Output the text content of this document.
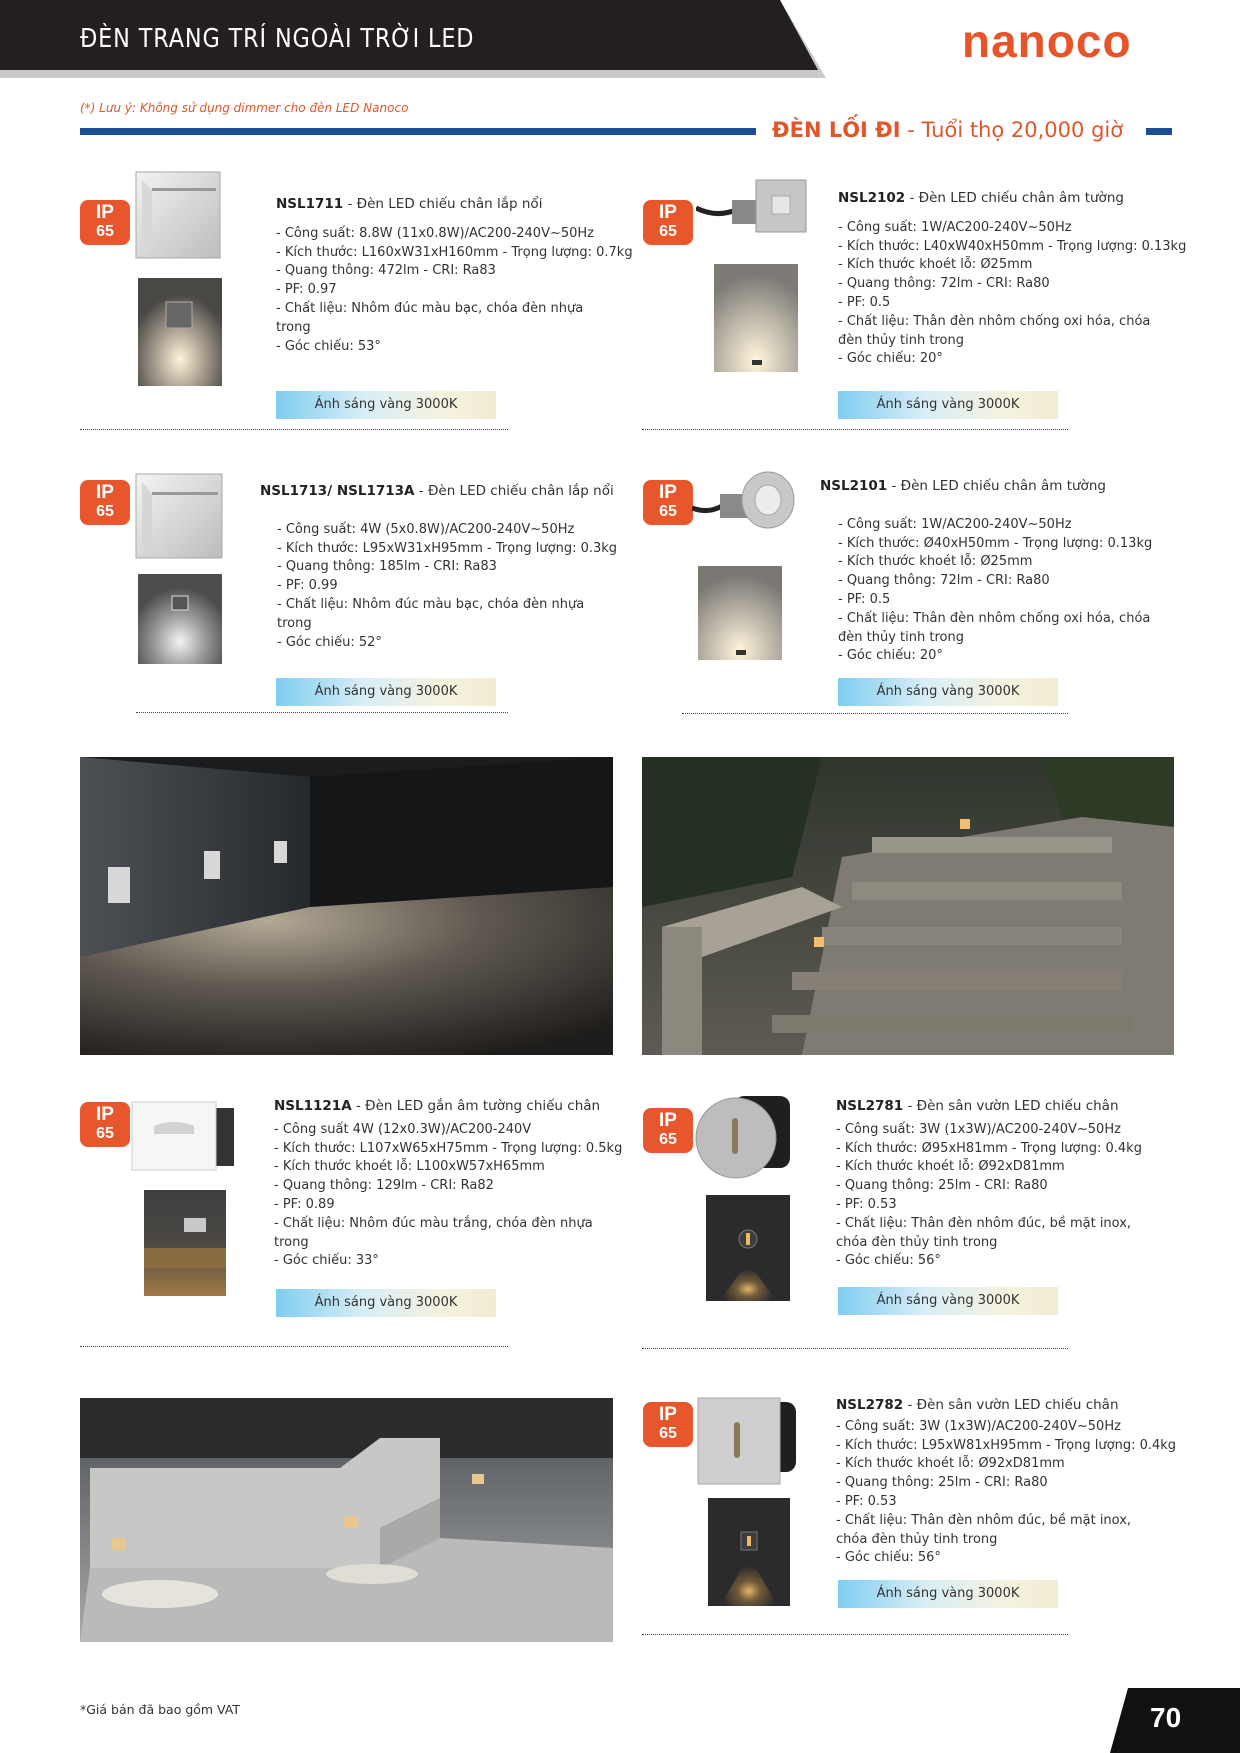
ĐÈN TRANG TRÍ NGOÀI TRỜI LED	nanoco
(*) Lưu ý: Không sử dụng dimmer cho đèn LED Nanoco
ĐÈN LỐI ĐI - Tuổi thọ 20,000 giờ
IP
65
NSL1711 - Đèn LED chiếu chân lắp nổi
- Công suất: 8.8W (11x0.8W)/AC200-240V~50Hz
- Kích thước: L160xW31xH160mm - Trọng lượng: 0.7kg
- Quang thông: 472lm - CRI: Ra83
- PF: 0.97
- Chất liệu: Nhôm đúc màu bạc, chóa đèn nhựa trong
- Góc chiếu: 53°
Ánh sáng vàng 3000K
1.512.000
IP
65
NSL2102 - Đèn LED chiếu chân âm tường
- Công suất: 1W/AC200-240V~50Hz
- Kích thước: L40xW40xH50mm - Trọng lượng: 0.13kg
- Kích thước khoét lỗ: Ø25mm
- Quang thông: 72lm - CRI: Ra80
- PF: 0.5
- Chất liệu: Thân đèn nhôm chống oxi hóa, chóa đèn thủy tinh trong
- Góc chiếu: 20°
Ánh sáng vàng 3000K
641.000
IP
65
NSL1713/ NSL1713A - Đèn LED chiếu chân lắp nổi
- Công suất: 4W (5x0.8W)/AC200-240V~50Hz
- Kích thước: L95xW31xH95mm - Trọng lượng: 0.3kg
- Quang thông: 185lm - CRI: Ra83
- PF: 0.99
- Chất liệu: Nhôm đúc màu bạc, chóa đèn nhựa trong
- Góc chiếu: 52°
Ánh sáng vàng 3000K
830.000
IP
65
NSL2101 - Đèn LED chiếu chân âm tường
- Công suất: 1W/AC200-240V~50Hz
- Kích thước: Ø40xH50mm - Trọng lượng: 0.13kg
- Kích thước khoét lỗ: Ø25mm
- Quang thông: 72lm - CRI: Ra80
- PF: 0.5
- Chất liệu: Thân đèn nhôm chống oxi hóa, chóa đèn thủy tinh trong
- Góc chiếu: 20°
Ánh sáng vàng 3000K
599.000
IP
65
NSL1121A - Đèn LED gắn âm tường chiếu chân
- Công suất 4W (12x0.3W)/AC200-240V
- Kích thước: L107xW65xH75mm - Trọng lượng: 0.5kg
- Kích thước khoét lỗ: L100xW57xH65mm
- Quang thông: 129lm - CRI: Ra82
- PF: 0.89
- Chất liệu: Nhôm đúc màu trắng, chóa đèn nhựa trong
- Góc chiếu: 33°
Ánh sáng vàng 3000K
882.000
IP
65
NSL2781 - Đèn sân vườn LED chiếu chân
- Công suất: 3W (1x3W)/AC200-240V~50Hz
- Kích thước: Ø95xH81mm - Trọng lượng: 0.4kg
- Kích thước khoét lỗ: Ø92xD81mm
- Quang thông: 25lm - CRI: Ra80
- PF: 0.53
- Chất liệu: Thân đèn nhôm đúc, bề mặt inox, chóa đèn thủy tinh trong
- Góc chiếu: 56°
Ánh sáng vàng 3000K
830.000
IP
65
NSL2782 - Đèn sân vườn LED chiếu chân
- Công suất: 3W (1x3W)/AC200-240V~50Hz
- Kích thước: L95xW81xH95mm - Trọng lượng: 0.4kg
- Kích thước khoét lỗ: Ø92xD81mm
- Quang thông: 25lm - CRI: Ra80
- PF: 0.53
- Chất liệu: Thân đèn nhôm đúc, bề mặt inox, chóa đèn thủy tinh trong
- Góc chiếu: 56°
Ánh sáng vàng 3000K
830.000
*Giá bán đã bao gồm VAT	70
